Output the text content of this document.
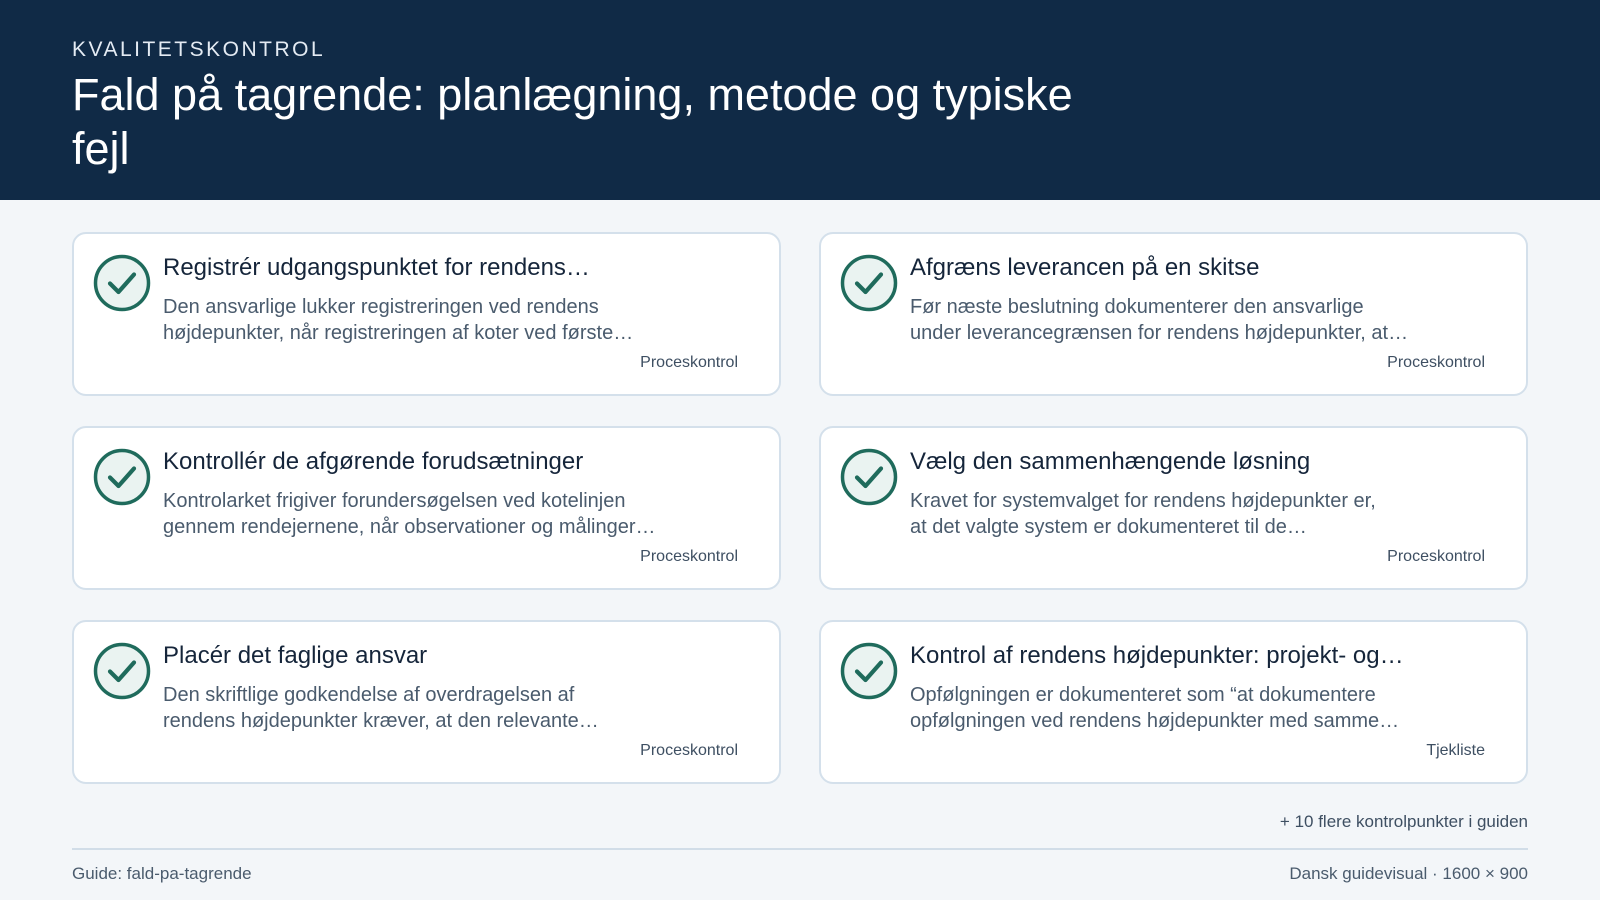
KVALITETSKONTROL
Fald på tagrende: planlægning, metode og typiske fejl
Registrér udgangspunktet for rendens…
Den ansvarlige lukker registreringen ved rendens
højdepunkter, når registreringen af koter ved første…
Proceskontrol
Afgræns leverancen på en skitse
Før næste beslutning dokumenterer den ansvarlige
under leverancegrænsen for rendens højdepunkter, at…
Proceskontrol
Kontrollér de afgørende forudsætninger
Kontrolarket frigiver forundersøgelsen ved kotelinjen
gennem rendejernene, når observationer og målinger…
Proceskontrol
Vælg den sammenhængende løsning
Kravet for systemvalget for rendens højdepunkter er,
at det valgte system er dokumenteret til de…
Proceskontrol
Placér det faglige ansvar
Den skriftlige godkendelse af overdragelsen af
rendens højdepunkter kræver, at den relevante…
Proceskontrol
Kontrol af rendens højdepunkter: projekt- og…
Opfølgningen er dokumenteret som “at dokumentere
opfølgningen ved rendens højdepunkter med samme…
Tjekliste
+ 10 flere kontrolpunkter i guiden
Guide: fald-pa-tagrende	Dansk guidevisual · 1600 × 900
